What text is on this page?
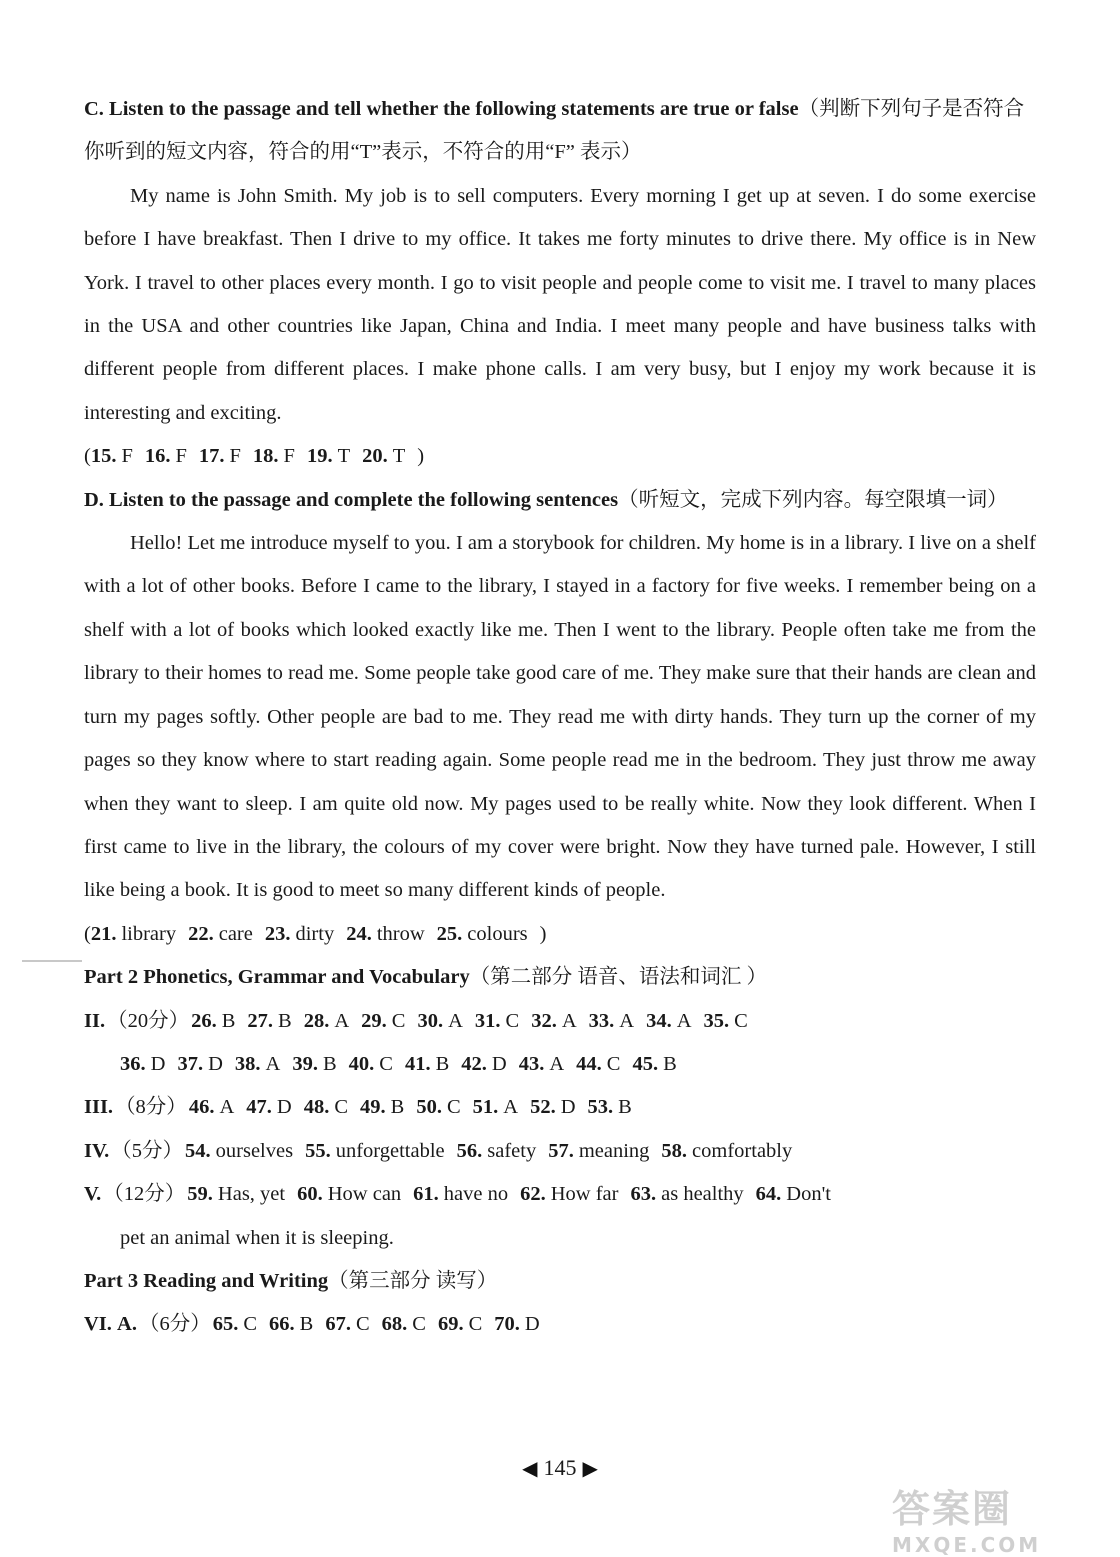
C. Listen to the passage and tell whether the following statements are true or false（判断下列句子是否符合你听到的短文内容，符合的用“T”表示，不符合的用“F” 表示）
My name is John Smith. My job is to sell computers. Every morning I get up at seven. I do some exercise before I have breakfast. Then I drive to my office. It takes me forty minutes to drive there. My office is in New York. I travel to other places every month. I go to visit people and people come to visit me. I travel to many places in the USA and other countries like Japan, China and India. I meet many people and have business talks with different people from different places. I make phone calls. I am very busy, but I enjoy my work because it is interesting and exciting.
(15 . F 16 . F 17 . F 18 . F 19 . T 20 . T )
D. Listen to the passage and complete the following sentences（听短文，完成下列内容。每空限填一词）
Hello! Let me introduce myself to you. I am a storybook for children. My home is in a library. I live on a shelf with a lot of other books. Before I came to the library, I stayed in a factory for five weeks. I remember being on a shelf with a lot of books which looked exactly like me. Then I went to the library. People often take me from the library to their homes to read me. Some people take good care of me. They make sure that their hands are clean and turn my pages softly. Other people are bad to me. They read me with dirty hands. They turn up the corner of my pages so they know where to start reading again. Some people read me in the bedroom. They just throw me away when they want to sleep. I am quite old now. My pages used to be really white. Now they look different. When I first came to live in the library, the colours of my cover were bright. Now they have turned pale. However, I still like being a book. It is good to meet so many different kinds of people.
(21 . library 22 . care 23 . dirty 24 . throw 25 . colours )
Part 2 Phonetics, Grammar and Vocabulary（第二部分 语音、语法和词汇 ）
II.（20分）26 . B 27 . B 28 . A 29 . C 30 . A 31 . C 32 . A 33 . A 34 . A 35 . C
36 . D 37 . D 38 . A 39 . B 40 . C 41 . B 42 . D 43 . A 44 . C 45 . B
III.（8分）46 . A 47 . D 48 . C 49 . B 50 . C 51 . A 52 . D 53 . B
IV.（5分）54 . ourselves 55 . unforgettable 56 . safety 57 . meaning 58 . comfortably
V.（12分）59 . Has, yet 60 . How can 61 . have no 62 . How far 63 . as healthy 64 . Don't
pet an animal when it is sleeping.
Part 3 Reading and Writing（第三部分 读写）
VI. A.（6分）65 . C 66 . B 67 . C 68 . C 69 . C 70 . D
◀ 145 ▶
答案圈
MXQE.COM
